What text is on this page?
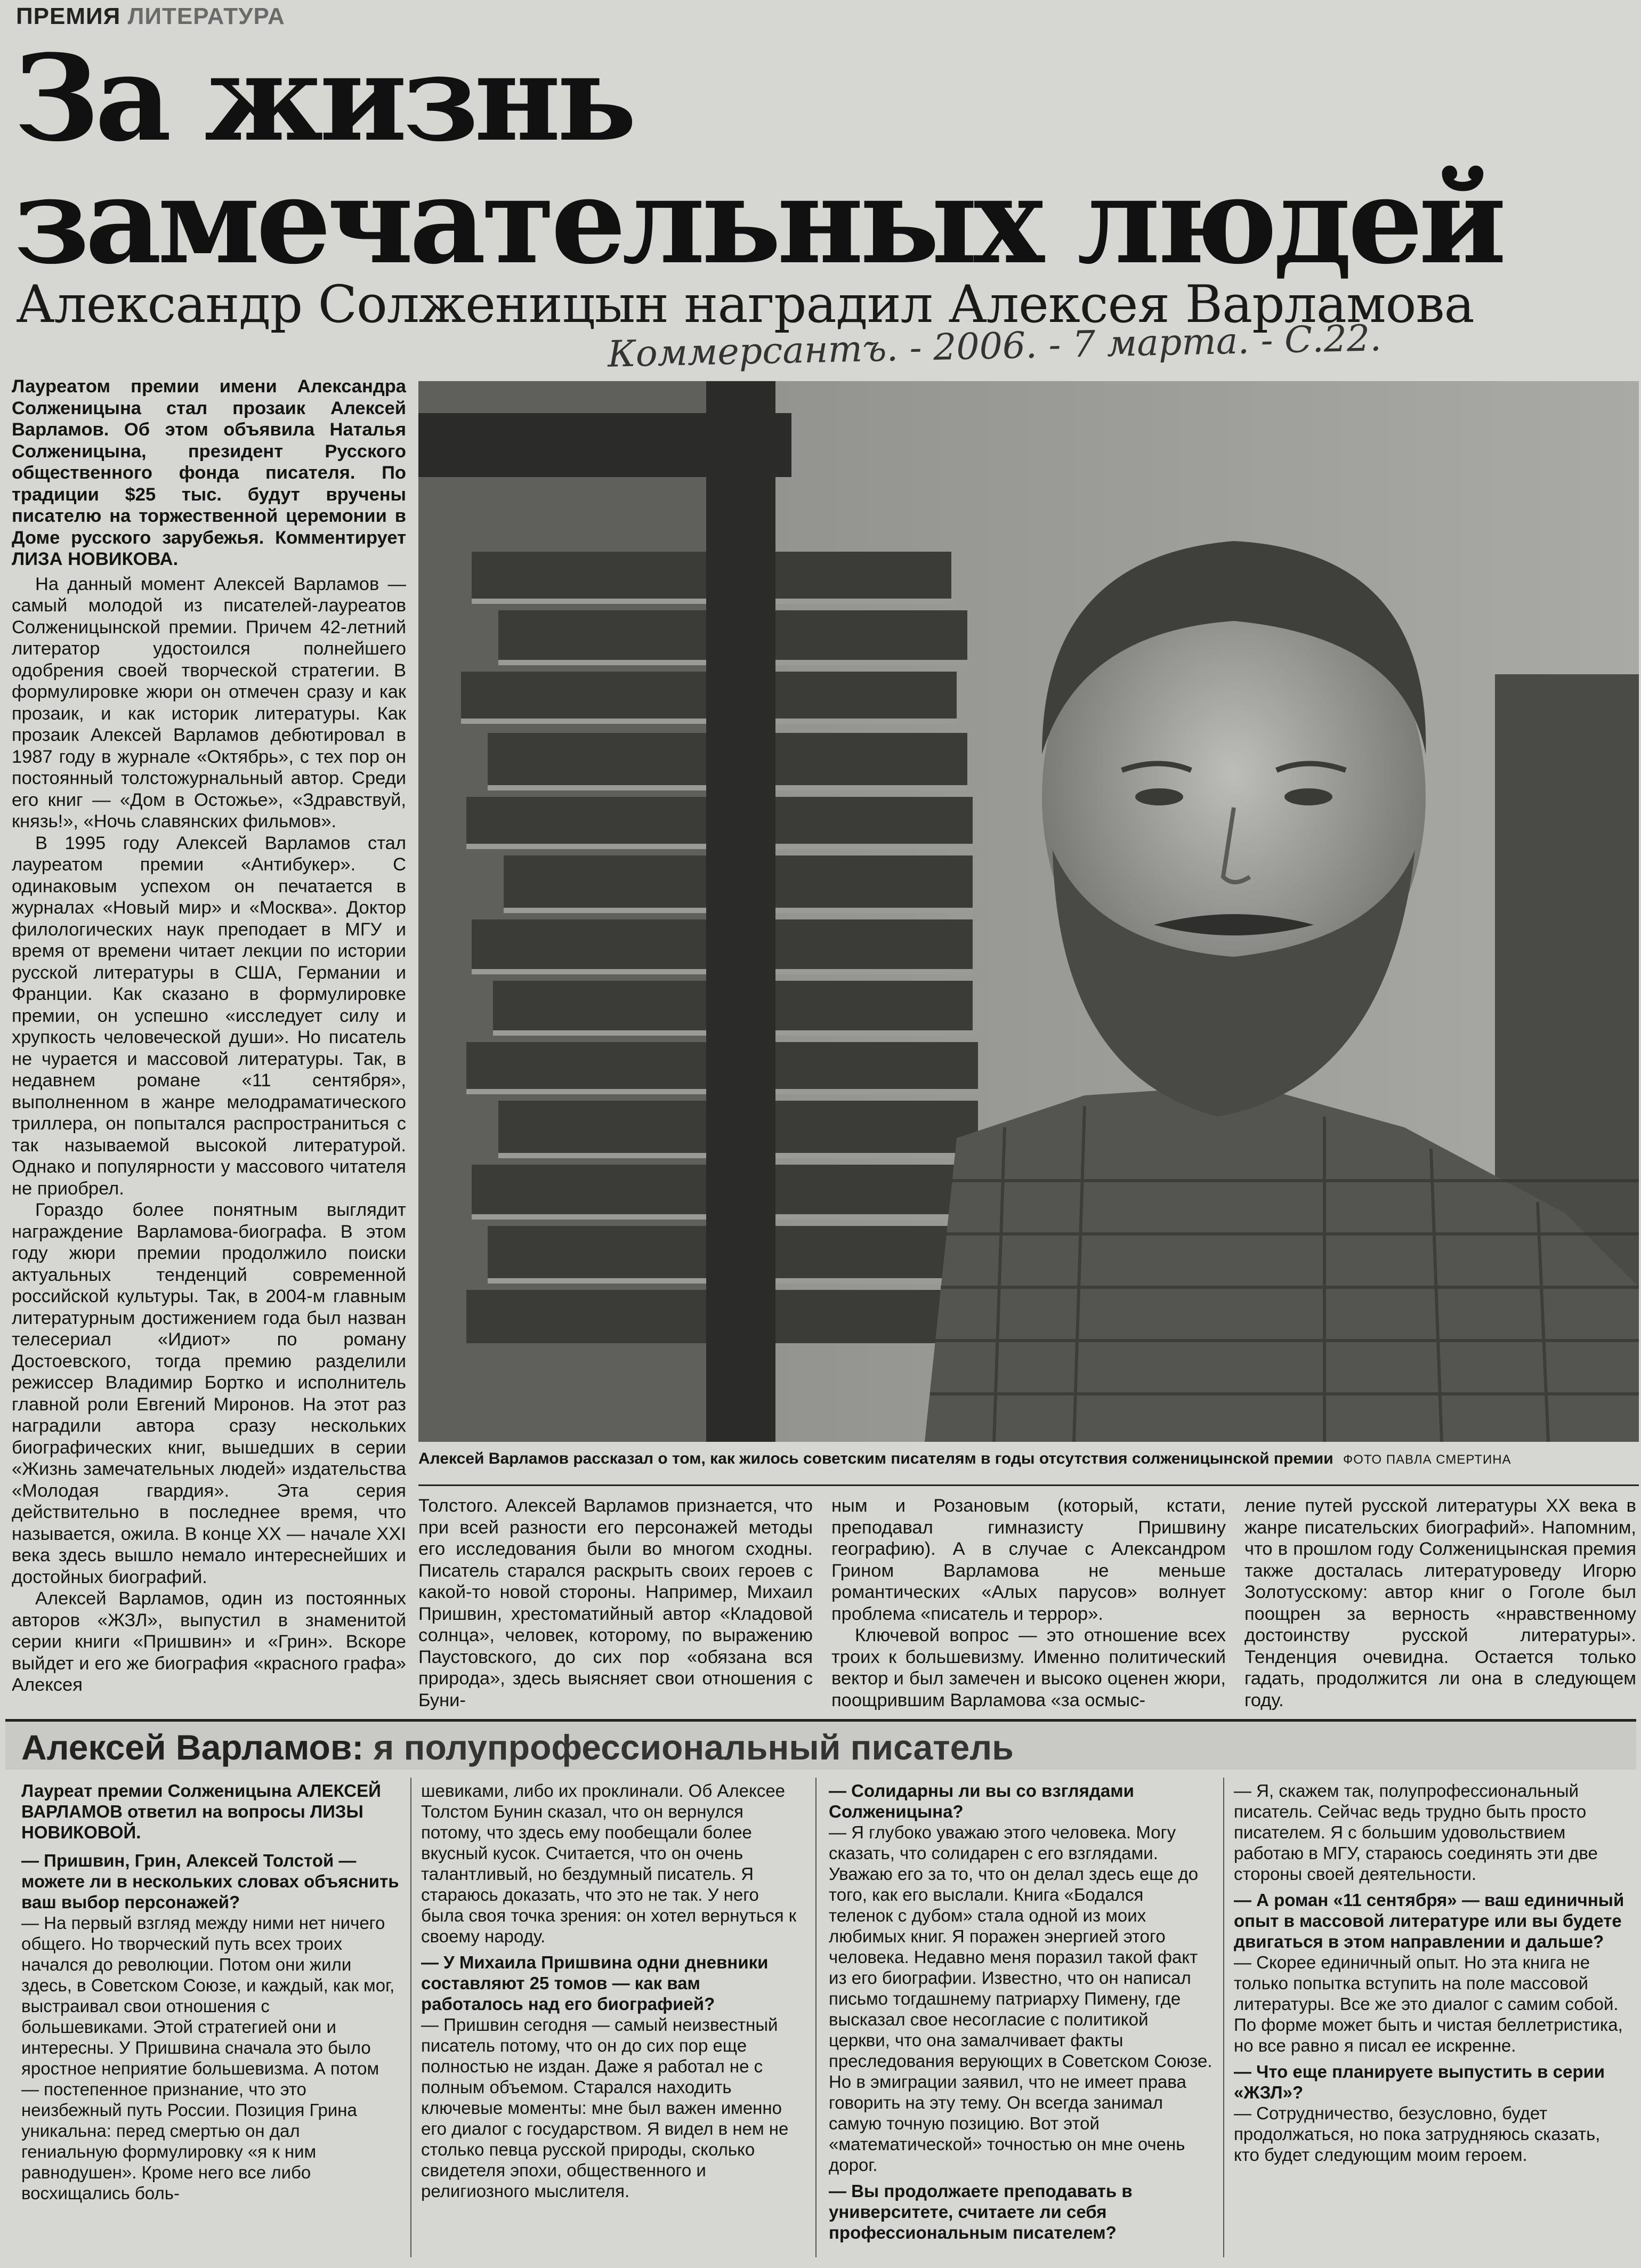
ПРЕМИЯ ЛИТЕРАТУРА
За жизнь
замечательных людей
Александр Солженицын наградил Алексея Варламова
Коммерсантъ. - 2006. - 7 марта. - С.22.

Лауреатом премии имени Александра Солженицына стал прозаик Алексей Варламов. Об этом объявила Наталья Солженицына, президент Русского общественного фонда писателя. По традиции $25 тыс. будут вручены писателю на торжественной церемонии в Доме русского зарубежья. Комментирует ЛИЗА НОВИКОВА.

На данный момент Алексей Варламов — самый молодой из писателей-лауреатов Солженицынской премии. Причем 42-летний литератор удостоился полнейшего одобрения своей творческой стратегии. В формулировке жюри он отмечен сразу и как прозаик, и как историк литературы. Как прозаик Алексей Варламов дебютировал в 1987 году в журнале «Октябрь», с тех пор он постоянный толстожурнальный автор. Среди его книг — «Дом в Остожье», «Здравствуй, князь!», «Ночь славянских фильмов».

В 1995 году Алексей Варламов стал лауреатом премии «Антибукер». С одинаковым успехом он печатается в журналах «Новый мир» и «Москва». Доктор филологических наук преподает в МГУ и время от времени читает лекции по истории русской литературы в США, Германии и Франции. Как сказано в формулировке премии, он успешно «исследует силу и хрупкость человеческой души». Но писатель не чурается и массовой литературы. Так, в недавнем романе «11 сентября», выполненном в жанре мелодраматического триллера, он попытался распространиться с так называемой высокой литературой. Однако и популярности у массового читателя не приобрел.

Гораздо более понятным выглядит награждение Варламова-биографа. В этом году жюри премии продолжило поиски актуальных тенденций современной российской культуры. Так, в 2004-м главным литературным достижением года был назван телесериал «Идиот» по роману Достоевского, тогда премию разделили режиссер Владимир Бортко и исполнитель главной роли Евгений Миронов. На этот раз наградили автора сразу нескольких биографических книг, вышедших в серии «Жизнь замечательных людей» издательства «Молодая гвардия». Эта серия действительно в последнее время, что называется, ожила. В конце XX — начале XXI века здесь вышло немало интереснейших и достойных биографий.

Алексей Варламов, один из постоянных авторов «ЖЗЛ», выпустил в знаменитой серии книги «Пришвин» и «Грин». Вскоре выйдет и его же биография «красного графа» Алексея

Алексей Варламов рассказал о том, как жилось советским писателям в годы отсутствия солженицынской премии ФОТО ПАВЛА СМЕРТИНА

Толстого. Алексей Варламов признается, что при всей разности его персонажей методы его исследования были во многом сходны. Писатель старался раскрыть своих героев с какой-то новой стороны. Например, Михаил Пришвин, хрестоматийный автор «Кладовой солнца», человек, которому, по выражению Паустовского, до сих пор «обязана вся природа», здесь выясняет свои отношения с Буни-

ным и Розановым (который, кстати, преподавал гимназисту Пришвину географию). А в случае с Александром Грином Варламова не меньше романтических «Алых парусов» волнует проблема «писатель и террор».

Ключевой вопрос — это отношение всех троих к большевизму. Именно политический вектор и был замечен и высоко оценен жюри, поощрившим Варламова «за осмыс-

ление путей русской литературы XX века в жанре писательских биографий». Напомним, что в прошлом году Солженицынская премия также досталась литературоведу Игорю Золотусскому: автор книг о Гоголе был поощрен за верность «нравственному достоинству русской литературы». Тенденция очевидна. Остается только гадать, продолжится ли она в следующем году.

Алексей Варламов: я полупрофессиональный писатель

Лауреат премии Солженицына АЛЕКСЕЙ ВАРЛАМОВ ответил на вопросы ЛИЗЫ НОВИКОВОЙ.

— Пришвин, Грин, Алексей Толстой — можете ли в нескольких словах объяснить ваш выбор персонажей?

— На первый взгляд между ними нет ничего общего. Но творческий путь всех троих начался до революции. Потом они жили здесь, в Советском Союзе, и каждый, как мог, выстраивал свои отношения с большевиками. Этой стратегией они и интересны. У Пришвина сначала это было яростное неприятие большевизма. А потом — постепенное признание, что это неизбежный путь России. Позиция Грина уникальна: перед смертью он дал гениальную формулировку «я к ним равнодушен». Кроме него все либо восхищались боль-

шевиками, либо их проклинали. Об Алексее Толстом Бунин сказал, что он вернулся потому, что здесь ему пообещали более вкусный кусок. Считается, что он очень талантливый, но бездумный писатель. Я стараюсь доказать, что это не так. У него была своя точка зрения: он хотел вернуться к своему народу.

— У Михаила Пришвина одни дневники составляют 25 томов — как вам работалось над его биографией?

— Пришвин сегодня — самый неизвестный писатель потому, что он до сих пор еще полностью не издан. Даже я работал не с полным объемом. Старался находить ключевые моменты: мне был важен именно его диалог с государством. Я видел в нем не столько певца русской природы, сколько свидетеля эпохи, общественного и религиозного мыслителя.

— Солидарны ли вы со взглядами Солженицына?

— Я глубоко уважаю этого человека. Могу сказать, что солидарен с его взглядами. Уважаю его за то, что он делал здесь еще до того, как его выслали. Книга «Бодался теленок с дубом» стала одной из моих любимых книг. Я поражен энергией этого человека. Недавно меня поразил такой факт из его биографии. Известно, что он написал письмо тогдашнему патриарху Пимену, где высказал свое несогласие с политикой церкви, что она замалчивает факты преследования верующих в Советском Союзе. Но в эмиграции заявил, что не имеет права говорить на эту тему. Он всегда занимал самую точную позицию. Вот этой «математической» точностью он мне очень дорог.

— Вы продолжаете преподавать в университете, считаете ли себя профессиональным писателем?

— Я, скажем так, полупрофессиональный писатель. Сейчас ведь трудно быть просто писателем. Я с большим удовольствием работаю в МГУ, стараюсь соединять эти две стороны своей деятельности.

— А роман «11 сентября» — ваш единичный опыт в массовой литературе или вы будете двигаться в этом направлении и дальше?

— Скорее единичный опыт. Но эта книга не только попытка вступить на поле массовой литературы. Все же это диалог с самим собой. По форме может быть и чистая беллетристика, но все равно я писал ее искренне.

— Что еще планируете выпустить в серии «ЖЗЛ»?

— Сотрудничество, безусловно, будет продолжаться, но пока затрудняюсь сказать, кто будет следующим моим героем.
